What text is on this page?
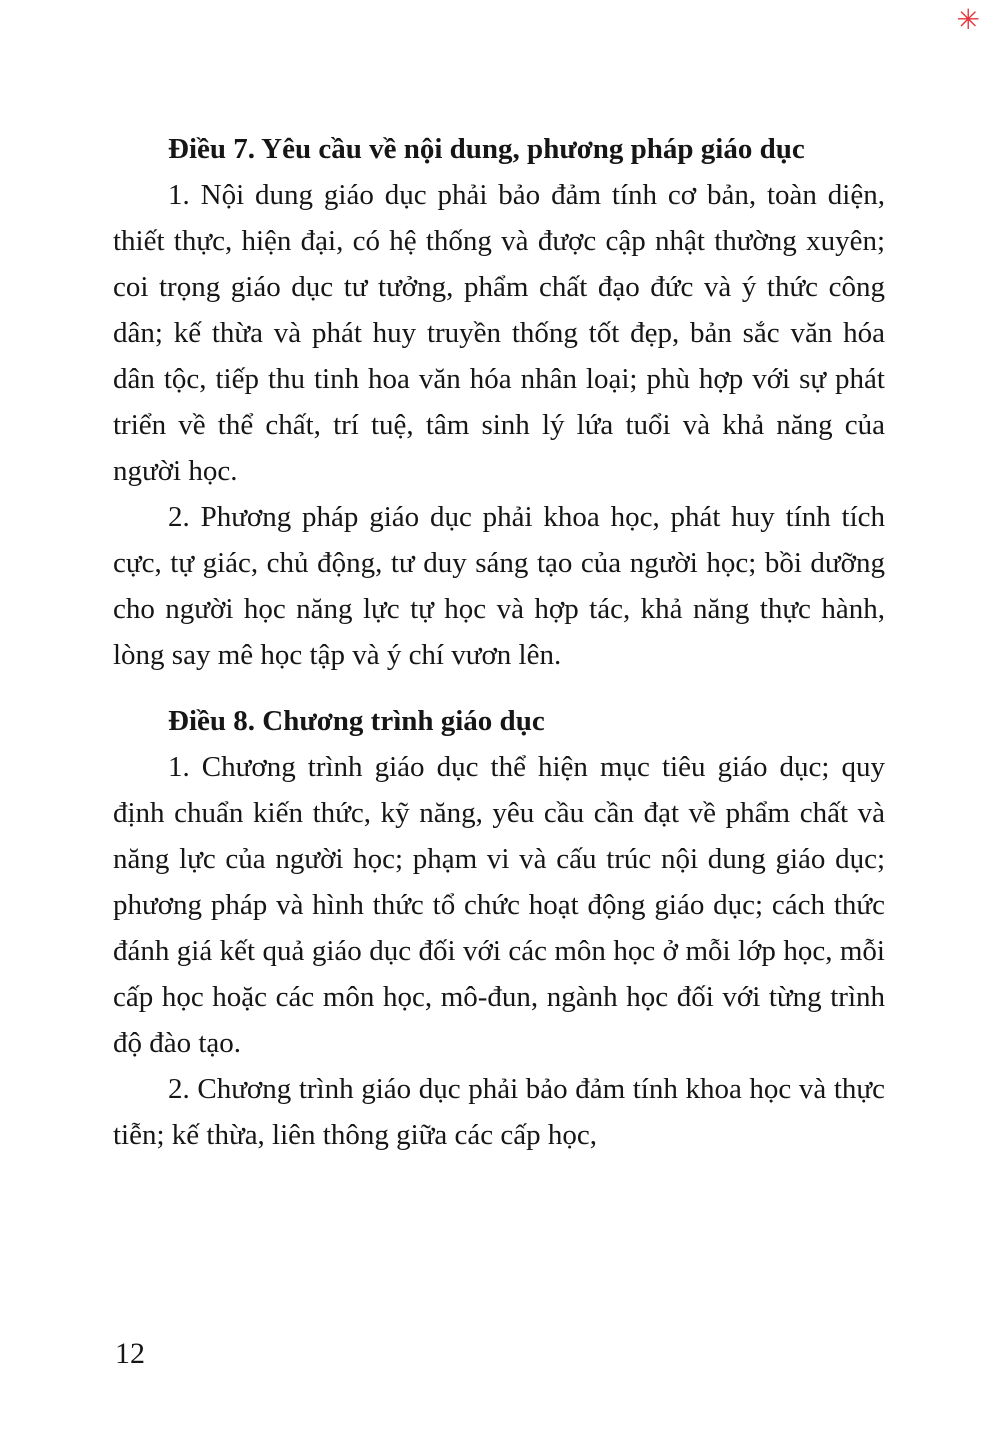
✳
Điều 7. Yêu cầu về nội dung, phương pháp giáo dục

1. Nội dung giáo dục phải bảo đảm tính cơ bản, toàn diện, thiết thực, hiện đại, có hệ thống và được cập nhật thường xuyên; coi trọng giáo dục tư tưởng, phẩm chất đạo đức và ý thức công dân; kế thừa và phát huy truyền thống tốt đẹp, bản sắc văn hóa dân tộc, tiếp thu tinh hoa văn hóa nhân loại; phù hợp với sự phát triển về thể chất, trí tuệ, tâm sinh lý lứa tuổi và khả năng của người học.

2. Phương pháp giáo dục phải khoa học, phát huy tính tích cực, tự giác, chủ động, tư duy sáng tạo của người học; bồi dưỡng cho người học năng lực tự học và hợp tác, khả năng thực hành, lòng say mê học tập và ý chí vươn lên.

Điều 8. Chương trình giáo dục

1. Chương trình giáo dục thể hiện mục tiêu giáo dục; quy định chuẩn kiến thức, kỹ năng, yêu cầu cần đạt về phẩm chất và năng lực của người học; phạm vi và cấu trúc nội dung giáo dục; phương pháp và hình thức tổ chức hoạt động giáo dục; cách thức đánh giá kết quả giáo dục đối với các môn học ở mỗi lớp học, mỗi cấp học hoặc các môn học, mô-đun, ngành học đối với từng trình độ đào tạo.

2. Chương trình giáo dục phải bảo đảm tính khoa học và thực tiễn; kế thừa, liên thông giữa các cấp học,

12
